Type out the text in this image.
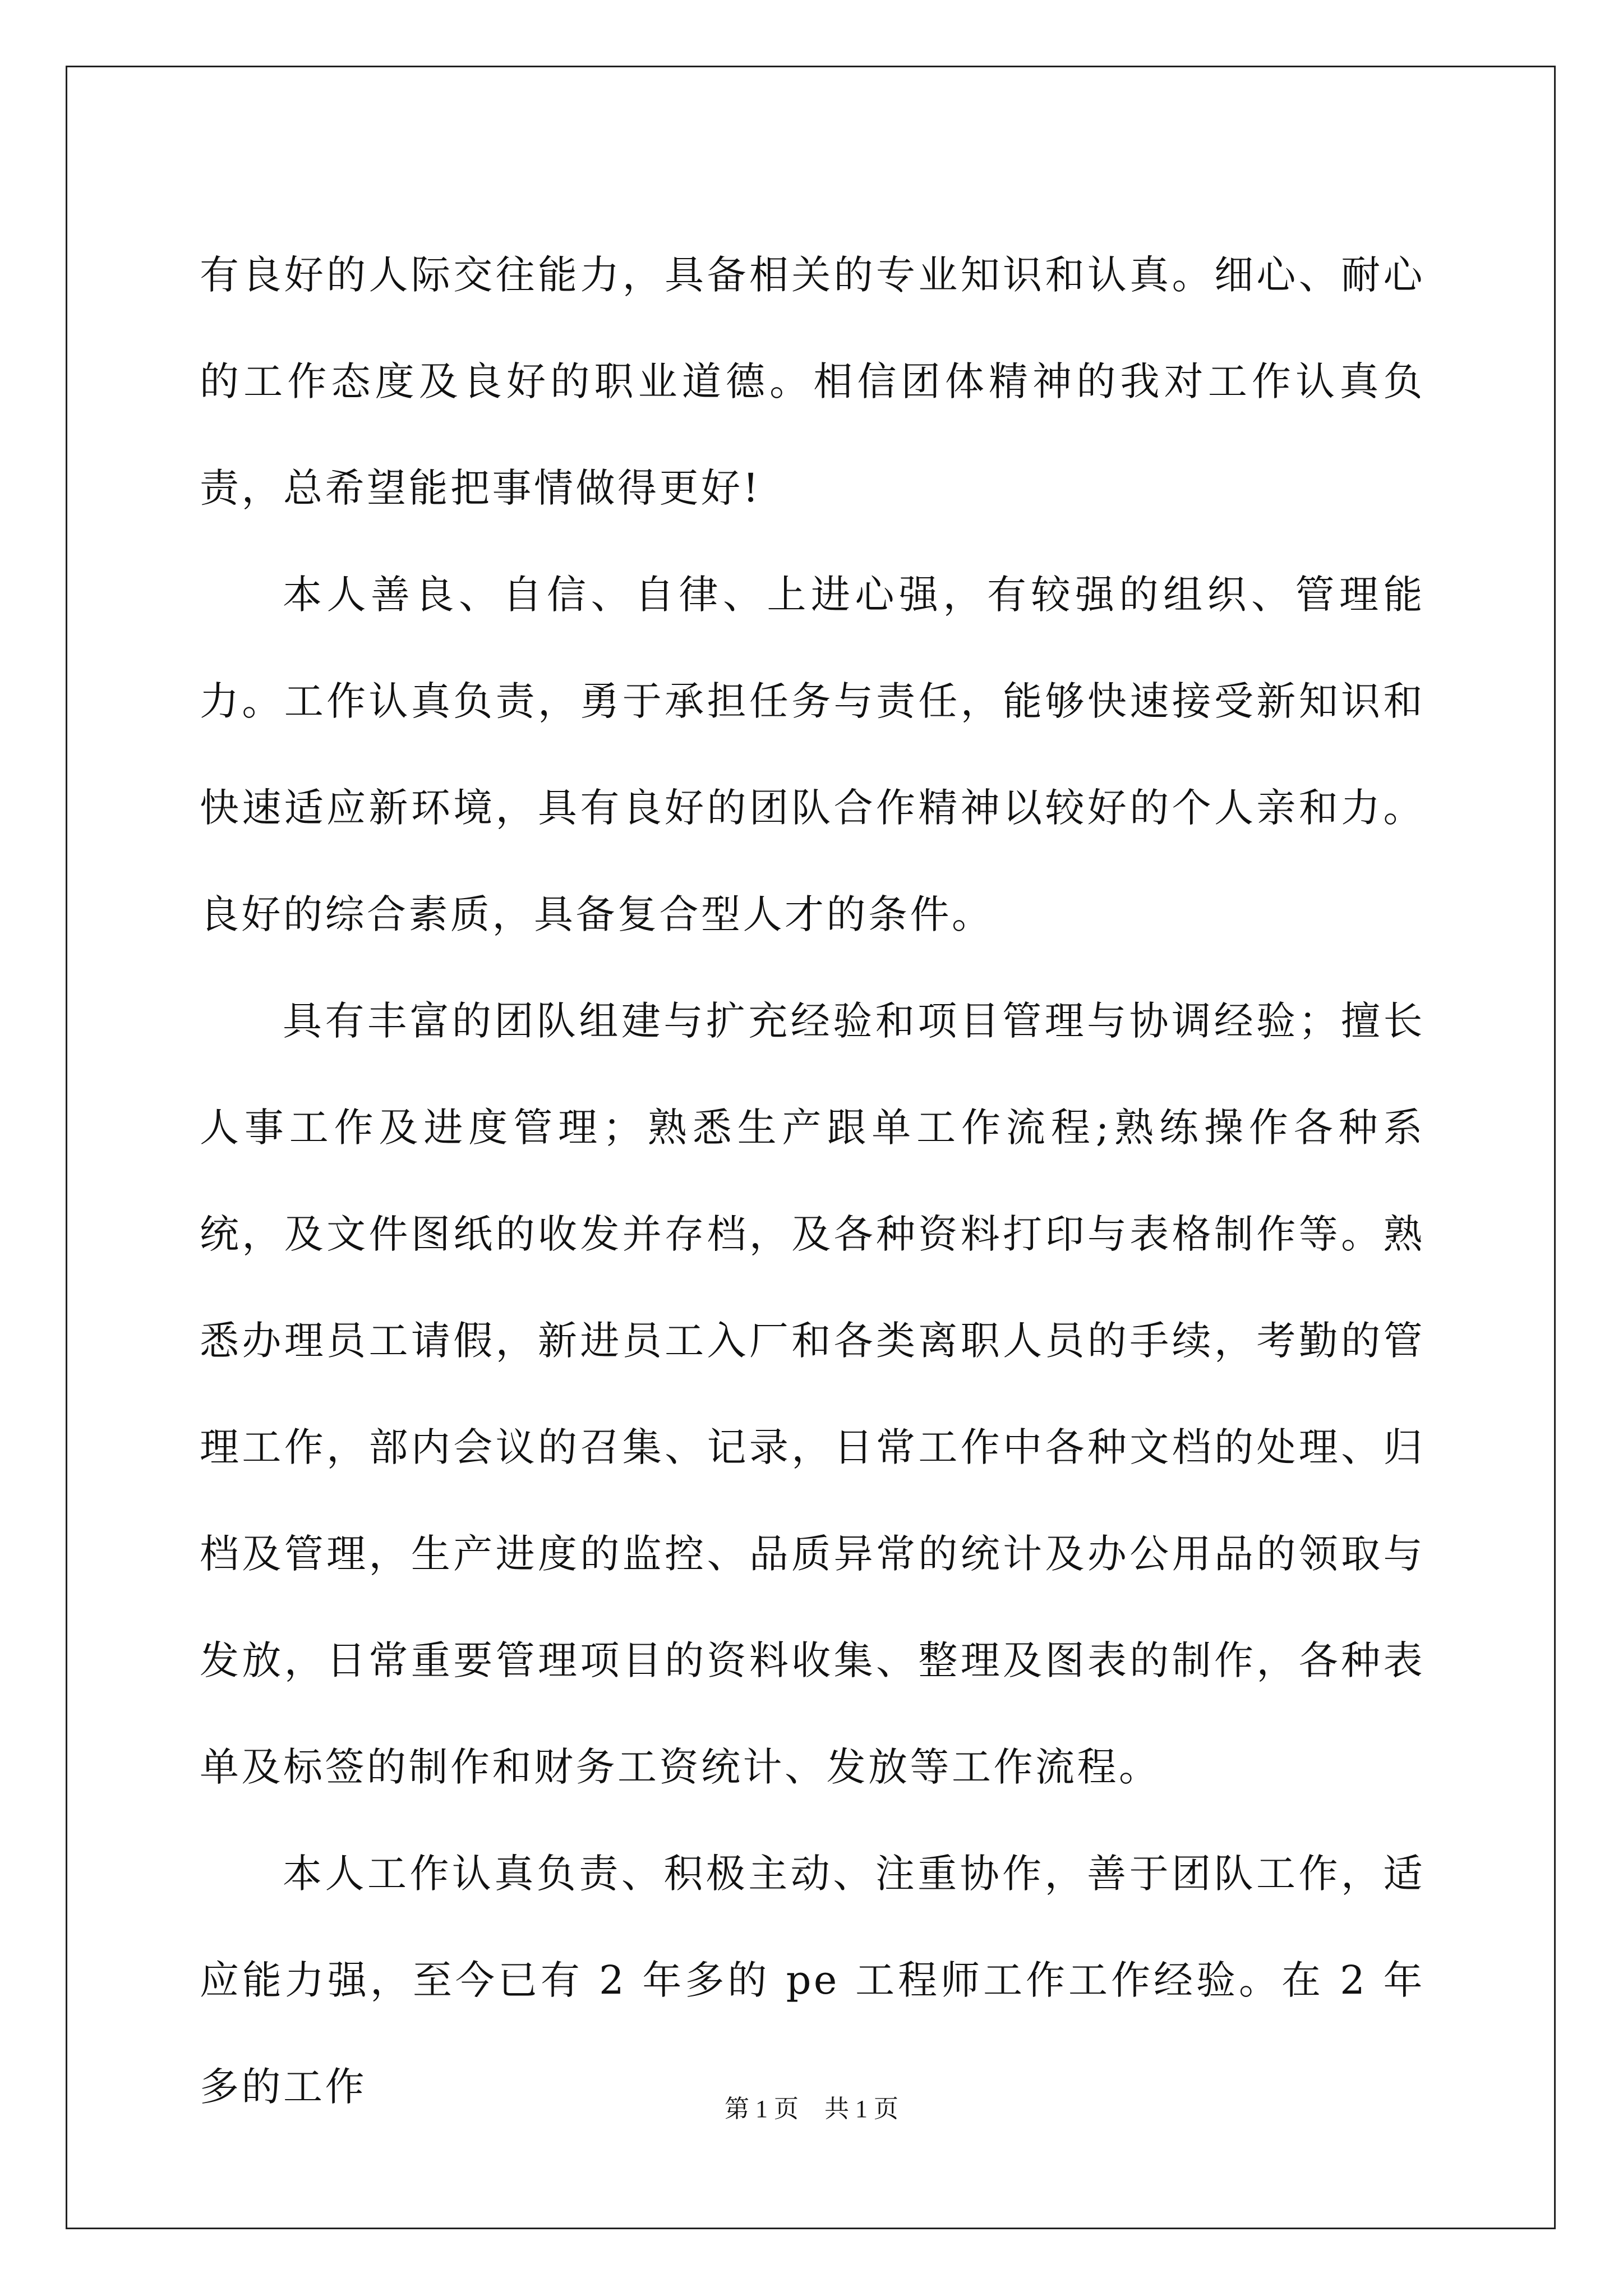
有良好的人际交往能力，具备相关的专业知识和认真。细心、耐心的工作态度及良好的职业道德。相信团体精神的我对工作认真负责，总希望能把事情做得更好!

本人善良、自信、自律、上进心强，有较强的组织、管理能力。工作认真负责，勇于承担任务与责任，能够快速接受新知识和快速适应新环境，具有良好的团队合作精神以较好的个人亲和力。良好的综合素质，具备复合型人才的条件。

具有丰富的团队组建与扩充经验和项目管理与协调经验；擅长人事工作及进度管理；熟悉生产跟单工作流程;熟练操作各种系统，及文件图纸的收发并存档，及各种资料打印与表格制作等。熟悉办理员工请假，新进员工入厂和各类离职人员的手续，考勤的管理工作，部内会议的召集、记录，日常工作中各种文档的处理、归档及管理，生产进度的监控、品质异常的统计及办公用品的领取与发放，日常重要管理项目的资料收集、整理及图表的制作，各种表单及标签的制作和财务工资统计、发放等工作流程。

本人工作认真负责、积极主动、注重协作，善于团队工作，适应能力强，至今已有 2 年多的 pe 工程师工作工作经验。在 2 年多的工作	第 1 页 共 1 页
